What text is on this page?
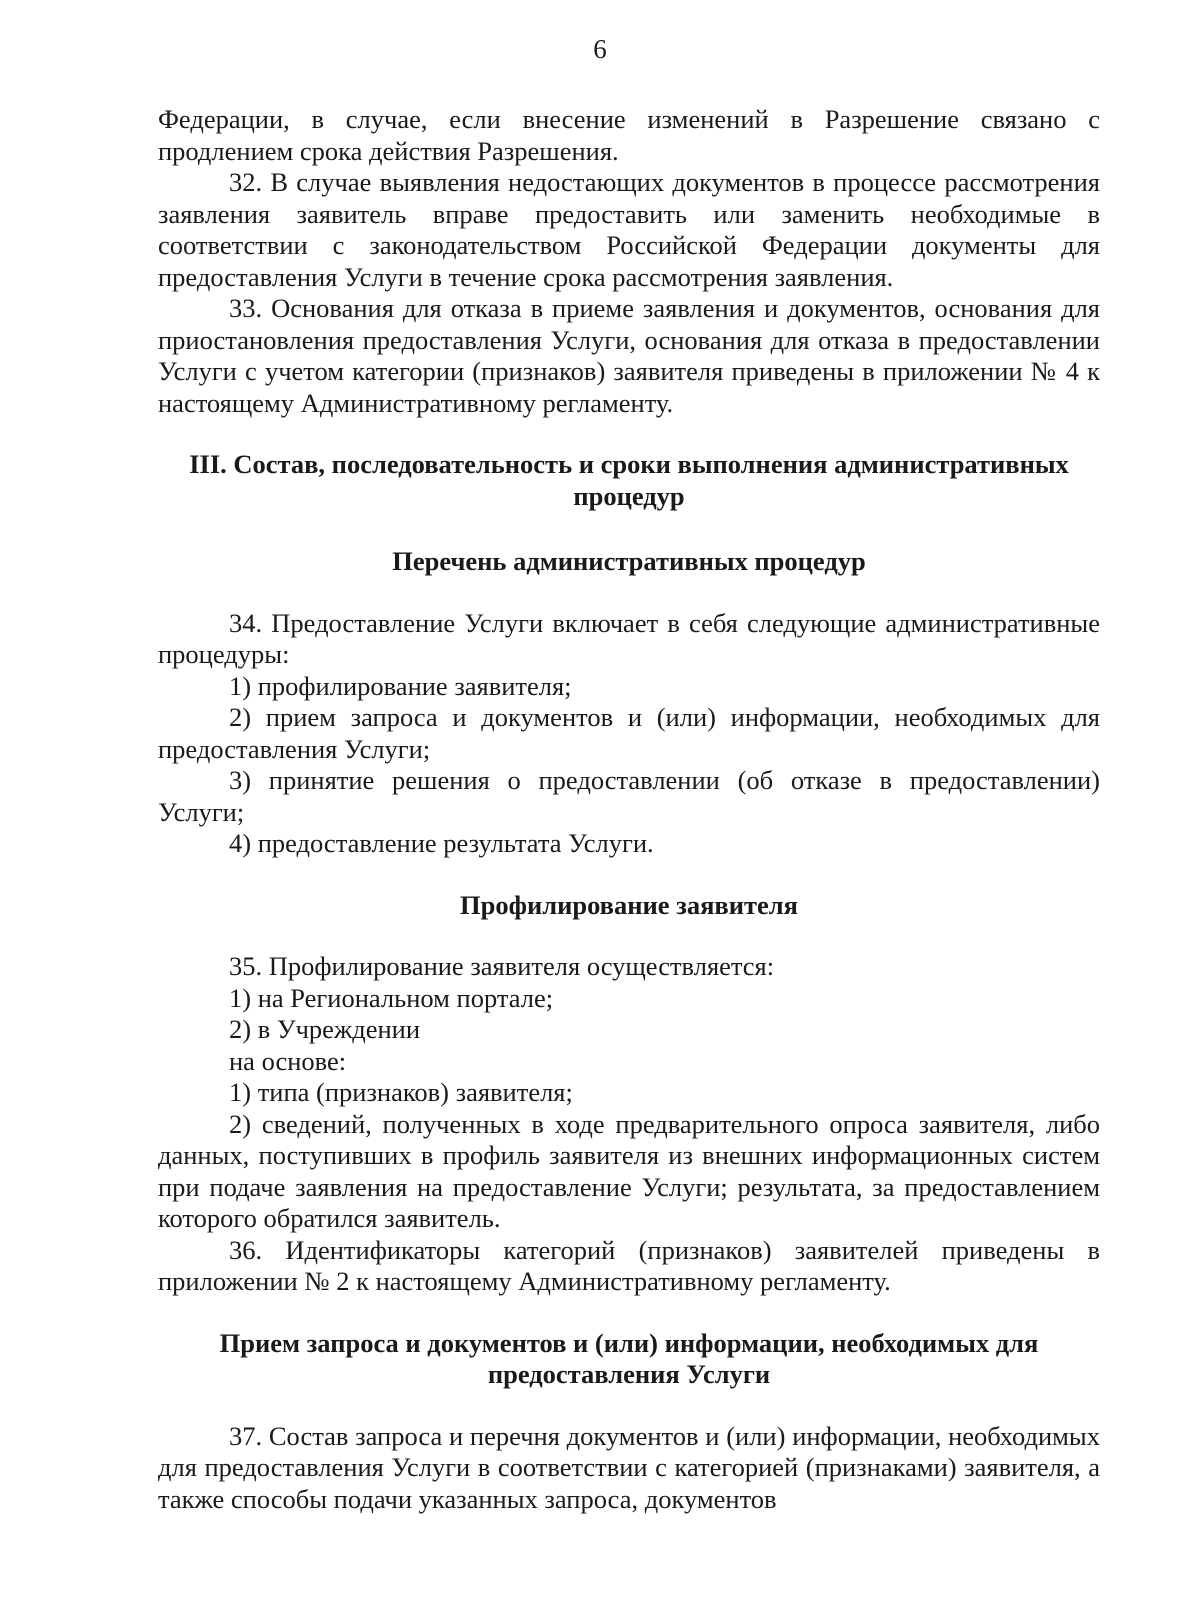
6

Федерации, в случае, если внесение изменений в Разрешение связано с продлением срока действия Разрешения.

32. В случае выявления недостающих документов в процессе рассмотрения заявления заявитель вправе предоставить или заменить необходимые в соответствии с законодательством Российской Федерации документы для предоставления Услуги в течение срока рассмотрения заявления.

33. Основания для отказа в приеме заявления и документов, основания для приостановления предоставления Услуги, основания для отказа в предоставлении Услуги с учетом категории (признаков) заявителя приведены в приложении № 4 к настоящему Административному регламенту.

III. Состав, последовательность и сроки выполнения административных процедур

Перечень административных процедур

34. Предоставление Услуги включает в себя следующие административные процедуры:

1) профилирование заявителя;

2) прием запроса и документов и (или) информации, необходимых для предоставления Услуги;

3) принятие решения о предоставлении (об отказе в предоставлении) Услуги;

4) предоставление результата Услуги.

Профилирование заявителя

35. Профилирование заявителя осуществляется:

1) на Региональном портале;

2) в Учреждении

на основе:

1) типа (признаков) заявителя;

2) сведений, полученных в ходе предварительного опроса заявителя, либо данных, поступивших в профиль заявителя из внешних информационных систем при подаче заявления на предоставление Услуги; результата, за предоставлением которого обратился заявитель.

36. Идентификаторы категорий (признаков) заявителей приведены в приложении № 2 к настоящему Административному регламенту.

Прием запроса и документов и (или) информации, необходимых для предоставления Услуги

37. Состав запроса и перечня документов и (или) информации, необходимых для предоставления Услуги в соответствии с категорией (признаками) заявителя, а также способы подачи указанных запроса, документов
